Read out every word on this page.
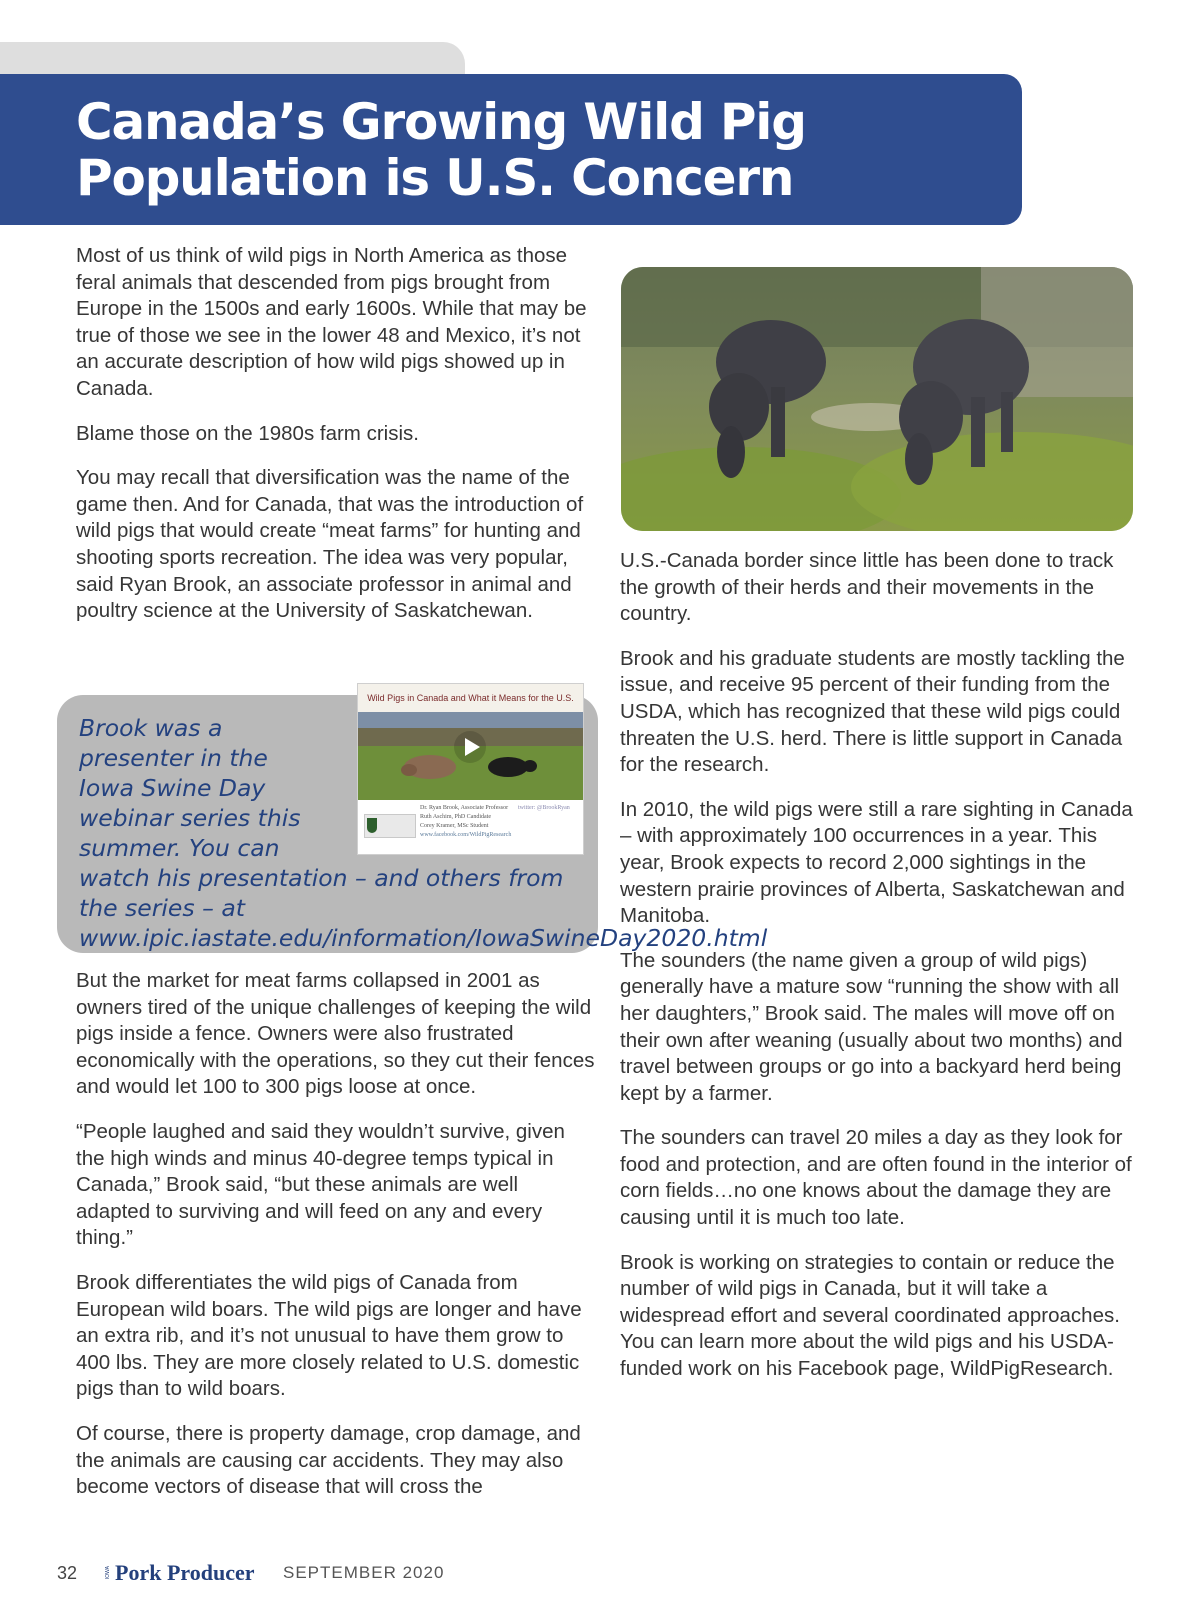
Canada’s Growing Wild Pig Population is U.S. Concern

Most of us think of wild pigs in North America as those feral animals that descended from pigs brought from Europe in the 1500s and early 1600s. While that may be true of those we see in the lower 48 and Mexico, it’s not an accurate description of how wild pigs showed up in Canada.

Blame those on the 1980s farm crisis.

You may recall that diversification was the name of the game then. And for Canada, that was the introduction of wild pigs that would create “meat farms” for hunting and shooting sports recreation. The idea was very popular, said Ryan Brook, an associate professor in animal and poultry science at the University of Saskatchewan.

Brook was a presenter in the Iowa Swine Day webinar series this summer. You can watch his presentation – and others from the series – at www.ipic.iastate.edu/information/IowaSwineDay2020.html

Wild Pigs in Canada and What it Means for the U.S.
Dr. Ryan Brook, Associate Professor twitter: @BrookRyan
Ruth Aschim, PhD Candidate
Corey Kramer, MSc Student
www.facebook.com/WildPigResearch

But the market for meat farms collapsed in 2001 as owners tired of the unique challenges of keeping the wild pigs inside a fence. Owners were also frustrated economically with the operations, so they cut their fences and would let 100 to 300 pigs loose at once.

“People laughed and said they wouldn’t survive, given the high winds and minus 40-degree temps typical in Canada,” Brook said, “but these animals are well adapted to surviving and will feed on any and every thing.”

Brook differentiates the wild pigs of Canada from European wild boars. The wild pigs are longer and have an extra rib, and it’s not unusual to have them grow to 400 lbs. They are more closely related to U.S. domestic pigs than to wild boars.

Of course, there is property damage, crop damage, and the animals are causing car accidents. They may also become vectors of disease that will cross the

U.S.-Canada border since little has been done to track the growth of their herds and their movements in the country.

Brook and his graduate students are mostly tackling the issue, and receive 95 percent of their funding from the USDA, which has recognized that these wild pigs could threaten the U.S. herd. There is little support in Canada for the research.

In 2010, the wild pigs were still a rare sighting in Canada – with approximately 100 occurrences in a year. This year, Brook expects to record 2,000 sightings in the western prairie provinces of Alberta, Saskatchewan and Manitoba.

The sounders (the name given a group of wild pigs) generally have a mature sow “running the show with all her daughters,” Brook said. The males will move off on their own after weaning (usually about two months) and travel between groups or go into a backyard herd being kept by a farmer.

The sounders can travel 20 miles a day as they look for food and protection, and are often found in the interior of corn fields…no one knows about the damage they are causing until it is much too late.

Brook is working on strategies to contain or reduce the number of wild pigs in Canada, but it will take a widespread effort and several coordinated approaches. You can learn more about the wild pigs and his USDA-funded work on his Facebook page, WildPigResearch.

32	IOWA Pork Producer SEPTEMBER 2020
